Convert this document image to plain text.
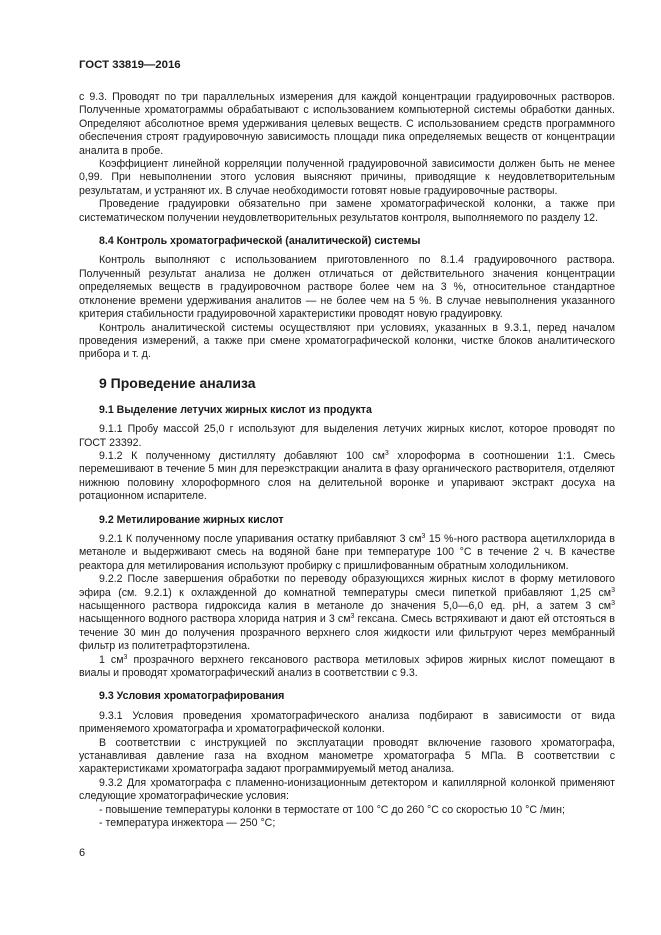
ГОСТ 33819—2016

с 9.3. Проводят по три параллельных измерения для каждой концентрации градуировочных растворов. Полученные хроматограммы обрабатывают с использованием компьютерной системы обработки данных. Определяют абсолютное время удерживания целевых веществ. С использованием средств программного обеспечения строят градуировочную зависимость площади пика определяемых веществ от концентрации аналита в пробе.

Коэффициент линейной корреляции полученной градуировочной зависимости должен быть не менее 0,99. При невыполнении этого условия выясняют причины, приводящие к неудовлетворительным результатам, и устраняют их. В случае необходимости готовят новые градуировочные растворы.

Проведение градуировки обязательно при замене хроматографической колонки, а также при систематическом получении неудовлетворительных результатов контроля, выполняемого по разделу 12.

8.4 Контроль хроматографической (аналитической) системы

Контроль выполняют с использованием приготовленного по 8.1.4 градуировочного раствора. Полученный результат анализа не должен отличаться от действительного значения концентрации определяемых веществ в градуировочном растворе более чем на 3 %, относительное стандартное отклонение времени удерживания аналитов — не более чем на 5 %. В случае невыполнения указанного критерия стабильности градуировочной характеристики проводят новую градуировку.

Контроль аналитической системы осуществляют при условиях, указанных в 9.3.1, перед началом проведения измерений, а также при смене хроматографической колонки, чистке блоков аналитического прибора и т. д.

9 Проведение анализа

9.1 Выделение летучих жирных кислот из продукта

9.1.1 Пробу массой 25,0 г используют для выделения летучих жирных кислот, которое проводят по ГОСТ 23392.

9.1.2 К полученному дистилляту добавляют 100 $см^3$ хлороформа в соотношении 1:1. Смесь перемешивают в течение 5 мин для переэкстракции аналита в фазу органического растворителя, отделяют нижнюю половину хлороформного слоя на делительной воронке и упаривают экстракт досуха на ротационном испарителе.

9.2 Метилирование жирных кислот

9.2.1 К полученному после упаривания остатку прибавляют 3 $см^3$ 15 %-ного раствора ацетилхлорида в метаноле и выдерживают смесь на водяной бане при температуре 100 °С в течение 2 ч. В качестве реактора для метилирования используют пробирку с пришлифованным обратным холодильником.

9.2.2 После завершения обработки по переводу образующихся жирных кислот в форму метилового эфира (см. 9.2.1) к охлажденной до комнатной температуры смеси пипеткой прибавляют 1,25 $см^3$ насыщенного раствора гидроксида калия в метаноле до значения 5,0—6,0 ед. рН, а затем 3 $см^3$ насыщенного водного раствора хлорида натрия и 3 $см^3$ гексана. Смесь встряхивают и дают ей отстояться в течение 30 мин до получения прозрачного верхнего слоя жидкости или фильтруют через мембранный фильтр из политетрафторэтилена.

1 $см^3$ прозрачного верхнего гексанового раствора метиловых эфиров жирных кислот помещают в виалы и проводят хроматографический анализ в соответствии с 9.3.

9.3 Условия хроматографирования

9.3.1 Условия проведения хроматографического анализа подбирают в зависимости от вида применяемого хроматографа и хроматографической колонки.

В соответствии с инструкцией по эксплуатации проводят включение газового хроматографа, устанавливая давление газа на входном манометре хроматографа 5 МПа. В соответствии с характеристиками хроматографа задают программируемый метод анализа.

9.3.2 Для хроматографа с пламенно-ионизационным детектором и капиллярной колонкой применяют следующие хроматографические условия:

- повышение температуры колонки в термостате от 100 °С до 260 °С со скоростью 10 °С /мин;

- температура инжектора — 250 °С;

6
